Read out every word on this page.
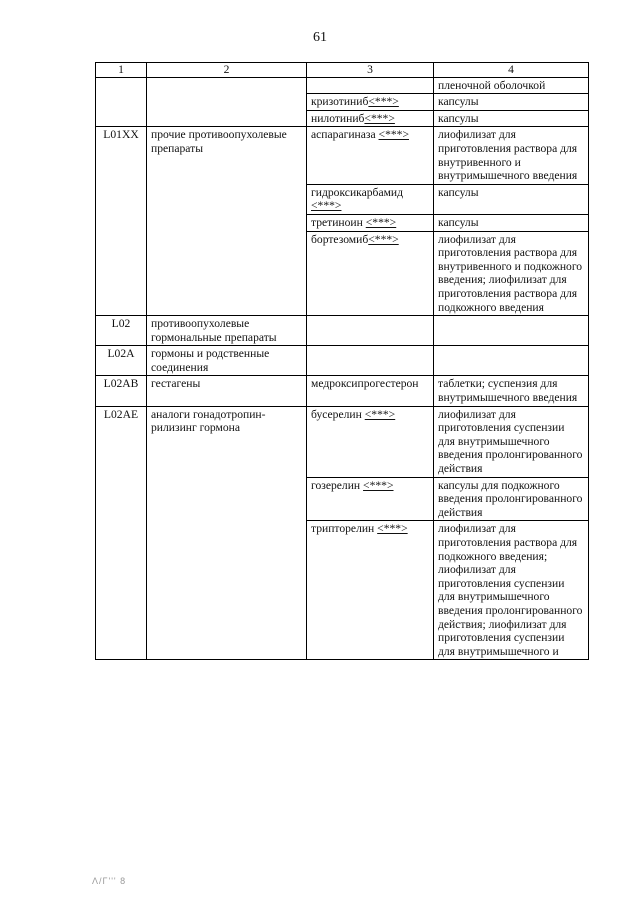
61
1	2	3	4
			пленочной оболочкой
		кризотиниб<***>	капсулы
		нилотиниб<***>	капсулы
L01XX	прочие противоопухолевые препараты	аспарагиназа <***>	лиофилизат для приготовления раствора для внутривенного и внутримышечного введения
		гидроксикарбамид <***>	капсулы
		третиноин <***>	капсулы
		бортезомиб<***>	лиофилизат для приготовления раствора для внутривенного и подкожного введения; лиофилизат для приготовления раствора для подкожного введения
L02	противоопухолевые гормональные препараты		
L02A	гормоны и родственные соединения		
L02AB	гестагены	медроксипрогестерон	таблетки; суспензия для внутримышечного введения
L02AE	аналоги гонадотропин-рилизинг гормона	бусерелин <***>	лиофилизат для приготовления суспензии для внутримышечного введения пролонгированного действия
		гозерелин <***>	капсулы для подкожного введения пролонгированного действия
		трипторелин <***>	лиофилизат для приготовления раствора для подкожного введения; лиофилизат для приготовления суспензии для внутримышечного введения пролонгированного действия; лиофилизат для приготовления суспензии для внутримышечного и
Λ/Γ''' 8
